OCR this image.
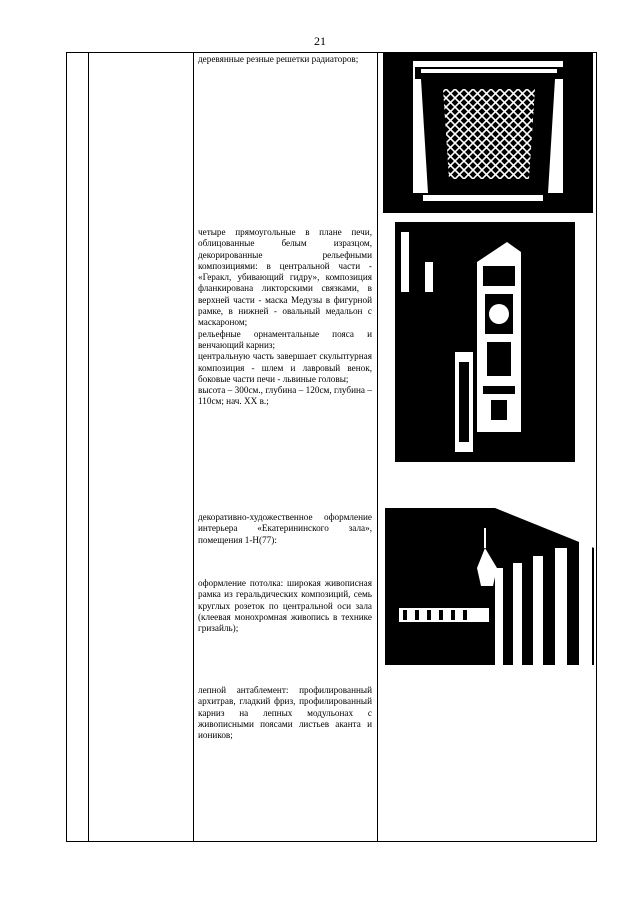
21

деревянные резные решетки радиаторов;

четыре прямоугольные в плане печи, облицованные белым изразцом, декорированные рельефными композициями: в центральной части - «Геракл, убивающий гидру», композиция фланкирована ликторскими связками, в верхней части - маска Медузы в фигурной рамке, в нижней - овальный медальон с маскароном;

рельефные орнаментальные пояса и венчающий карниз;

центральную часть завершает скульптурная композиция - шлем и лавровый венок, боковые части печи - львиные головы;

высота – 300см., глубина – 120см, глубина – 110см; нач. XX в.;

декоративно-художественное оформление интерьера «Екатерининского зала», помещения 1-Н(77):

оформление потолка: широкая живописная рамка из геральдических композиций, семь круглых розеток по центральной оси зала (клеевая монохромная живопись в технике гризайль);

лепной антаблемент: профилированный архитрав, гладкий фриз, профилированный карниз на лепных модульонах с живописными поясами листьев аканта и иоников;
